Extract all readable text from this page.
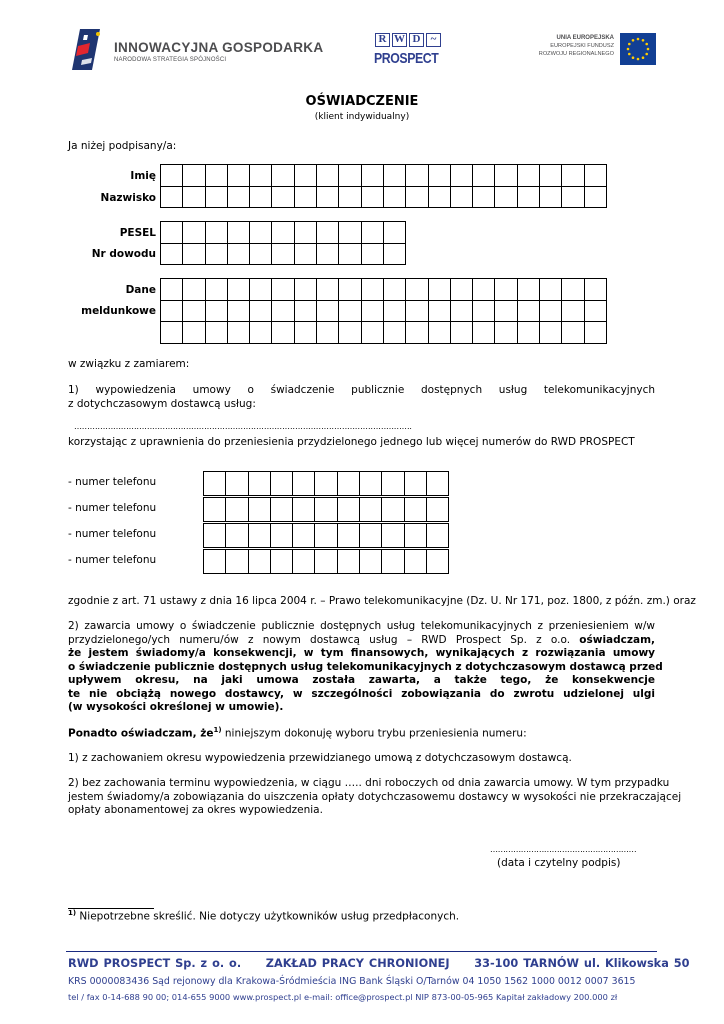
INNOWACYJNA GOSPODARKA
NARODOWA STRATEGIA SPÓJNOŚCI
R W D ~
PROSPECT
UNIA EUROPEJSKA
EUROPEJSKI FUNDUSZ
ROZWOJU REGIONALNEGO
OŚWIADCZENIE
(klient indywidualny)
Ja niżej podpisany/a:
Imię
Nazwisko

PESEL
Nr dowodu

Dane
meldunkowe

w związku z zamiarem:
1) wypowiedzenia umowy o świadczenie publicznie dostępnych usług telekomunikacyjnych
z dotychczasowym dostawcą usług:
………………………………………………………………………………………………………………….
korzystając z uprawnienia do przeniesienia przydzielonego jednego lub więcej numerów do RWD PROSPECT
- numer telefonu
- numer telefonu
- numer telefonu
- numer telefonu

zgodnie z art. 71 ustawy z dnia 16 lipca 2004 r. – Prawo telekomunikacyjne (Dz. U. Nr 171, poz. 1800, z późn. zm.) oraz
2) zawarcia umowy o świadczenie publicznie dostępnych usług telekomunikacyjnych z przeniesieniem w/w
przydzielonego/ych numeru/ów z nowym dostawcą usług – RWD Prospect Sp. z o.o. oświadczam,
że jestem świadomy/a konsekwencji, w tym finansowych, wynikających z rozwiązania umowy
o świadczenie publicznie dostępnych usług telekomunikacyjnych z dotychczasowym dostawcą przed
upływem okresu, na jaki umowa została zawarta, a także tego, że konsekwencje
te nie obciążą nowego dostawcy, w szczególności zobowiązania do zwrotu udzielonej ulgi
(w wysokości określonej w umowie).
Ponadto oświadczam, $że^{1)}$ niniejszym dokonuję wyboru trybu przeniesienia numeru:
1) z zachowaniem okresu wypowiedzenia przewidzianego umową z dotychczasowym dostawcą.
2) bez zachowania terminu wypowiedzenia, w ciągu ….. dni roboczych od dnia zawarcia umowy. W tym przypadku
jestem świadomy/a zobowiązania do uiszczenia opłaty dotychczasowemu dostawcy w wysokości nie przekraczającej
opłaty abonamentowej za okres wypowiedzenia.
…………………………………………………
(data i czytelny podpis)
$^{1)}$ Niepotrzebne skreślić. Nie dotyczy użytkowników usług przedpłaconych.
RWD PROSPECT Sp. z o. o. ZAKŁAD PRACY CHRONIONEJ 33-100 TARNÓW ul. Klikowska 50
KRS 0000083436 Sąd rejonowy dla Krakowa-Śródmieścia ING Bank Śląski O/Tarnów 04 1050 1562 1000 0012 0007 3615
tel / fax 0-14-688 90 00; 014-655 9000 www.prospect.pl e-mail: office@prospect.pl NIP 873-00-05-965 Kapitał zakładowy 200.000 zł
